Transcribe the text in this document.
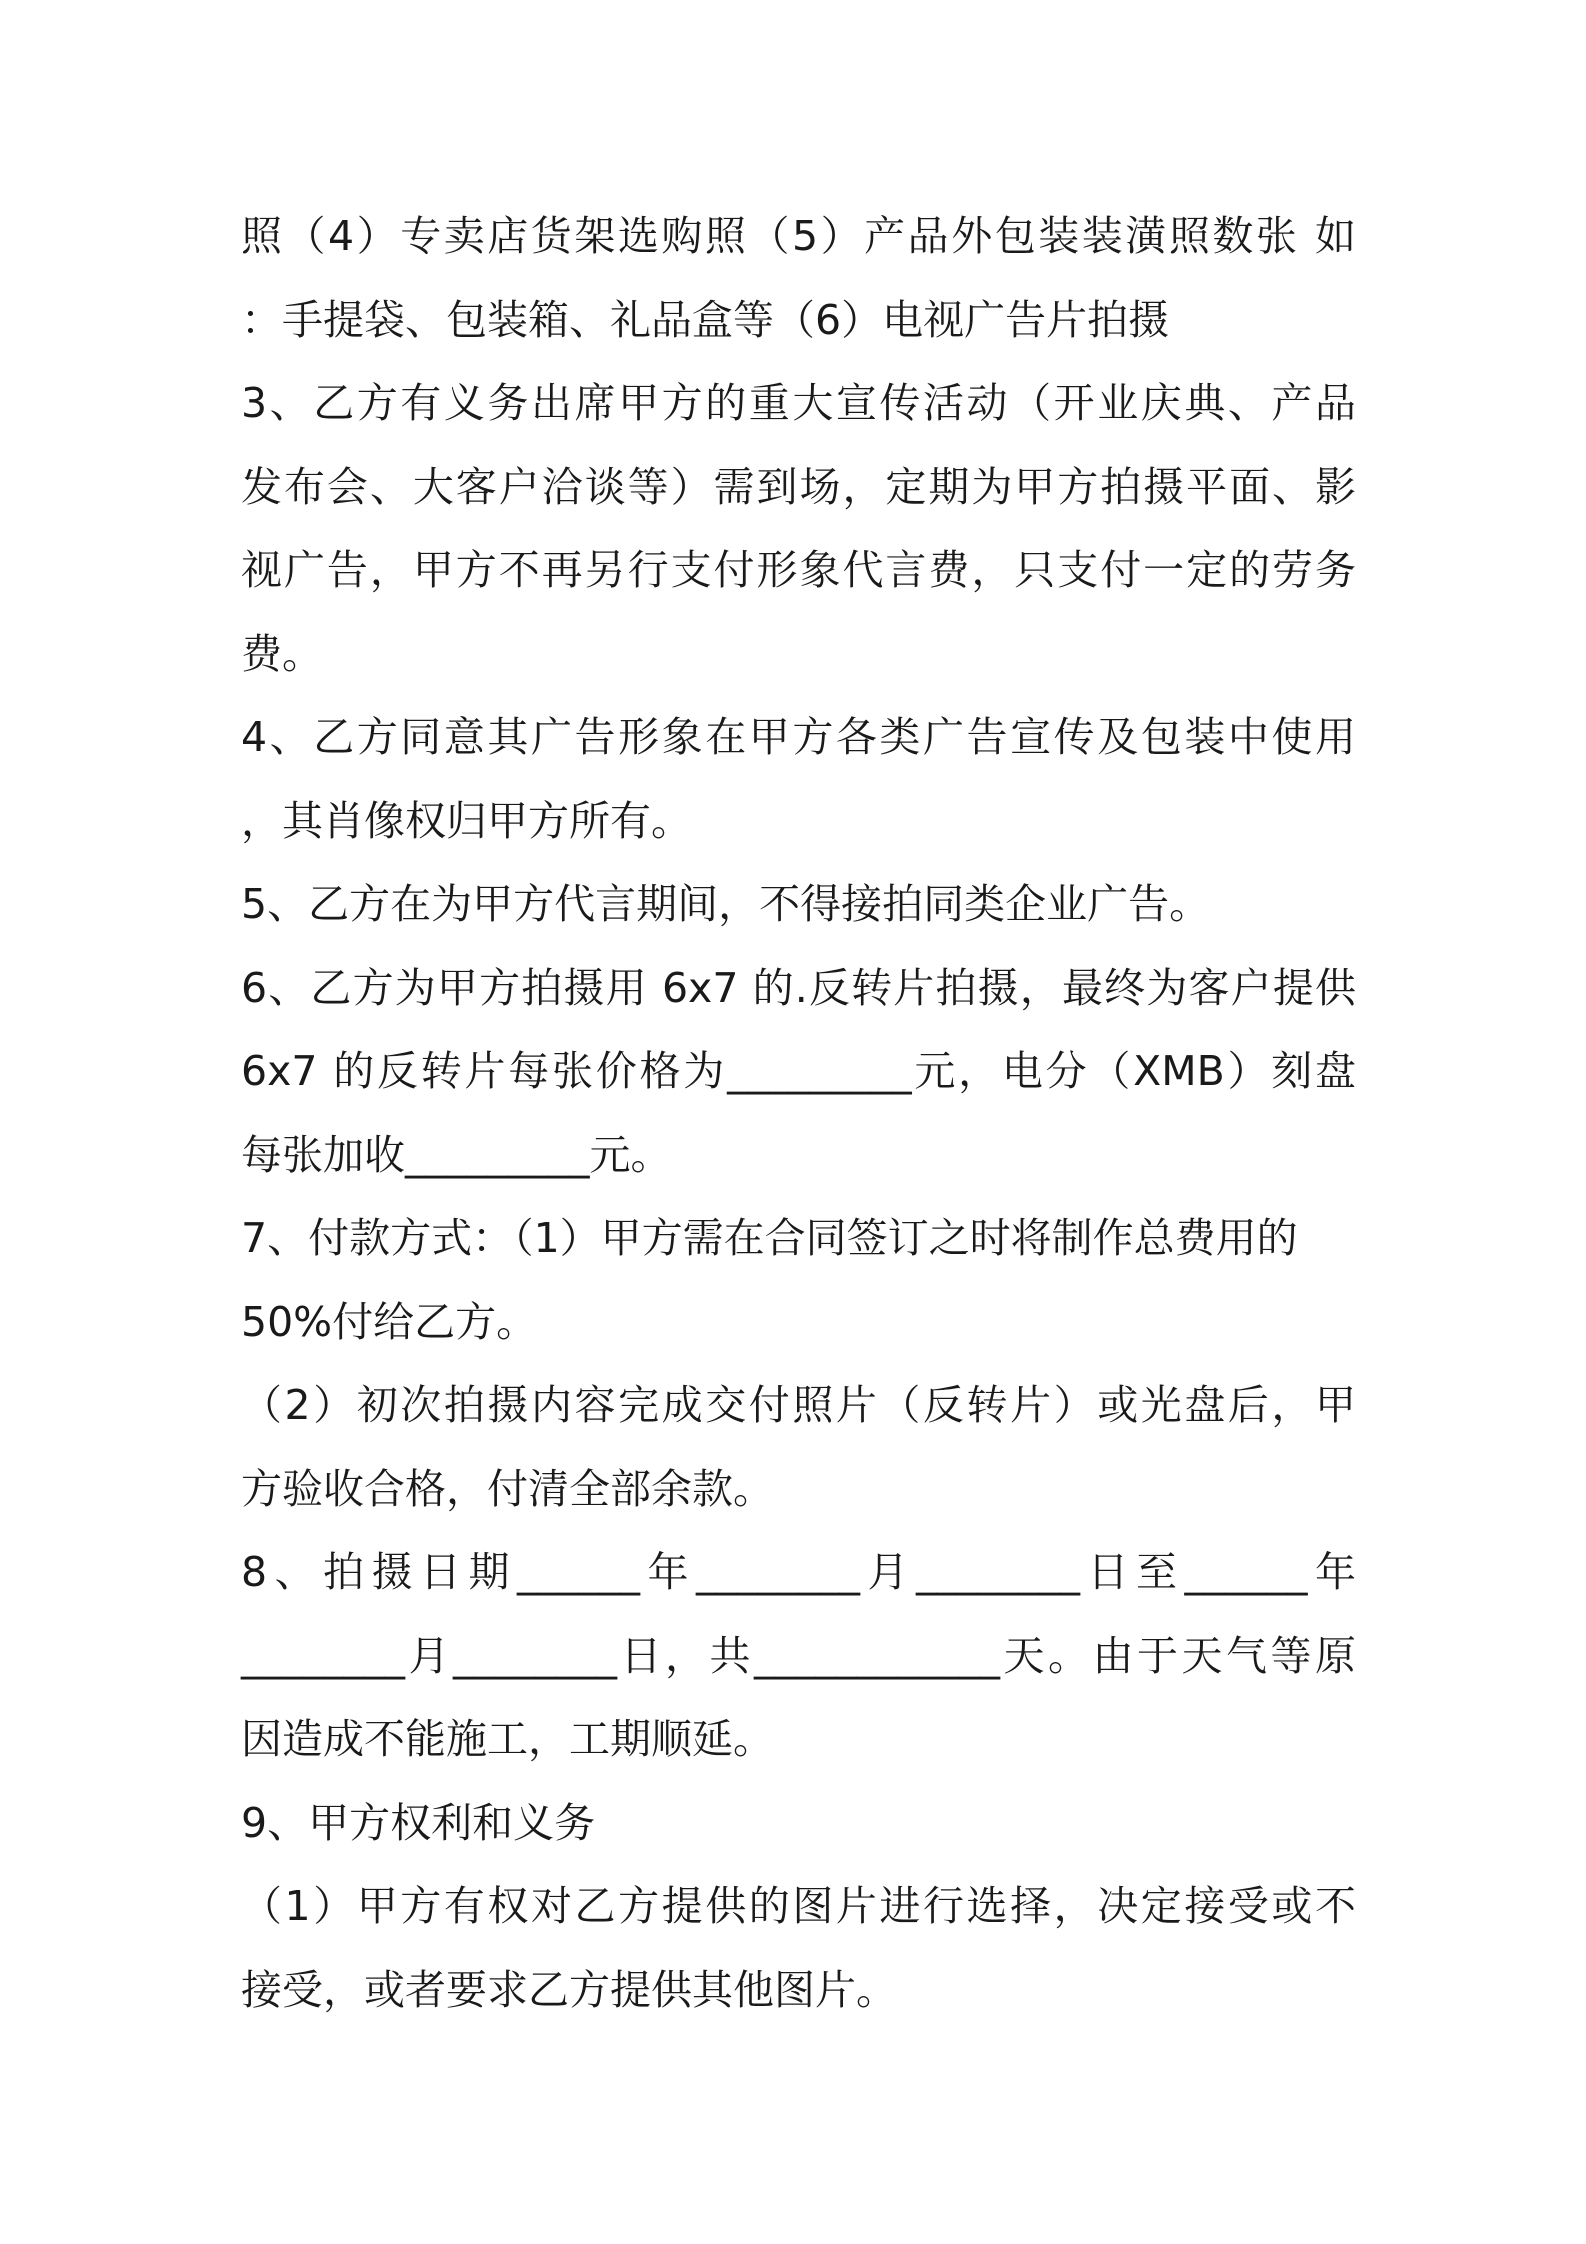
照（4）专卖店货架选购照（5）产品外包装装潢照数张 如
：手提袋、包装箱、礼品盒等（6）电视广告片拍摄
3、乙方有义务出席甲方的重大宣传活动（开业庆典、产品
发布会、大客户洽谈等）需到场，定期为甲方拍摄平面、影
视广告，甲方不再另行支付形象代言费，只支付一定的劳务
费。
4、乙方同意其广告形象在甲方各类广告宣传及包装中使用
，其肖像权归甲方所有。
5、乙方在为甲方代言期间，不得接拍同类企业广告。
6、乙方为甲方拍摄用 6x7 的.反转片拍摄，最终为客户提供
6x7 的反转片每张价格为_________元，电分（XMB）刻盘
每张加收_________元。
7、付款方式：（1）甲方需在合同签订之时将制作总费用的
50%付给乙方。
（2）初次拍摄内容完成交付照片（反转片）或光盘后，甲
方验收合格，付清全部余款。
8、拍摄日期______年________月________日至______年
________月________日，共____________天。由于天气等原
因造成不能施工，工期顺延。
9、甲方权利和义务
（1）甲方有权对乙方提供的图片进行选择，决定接受或不
接受，或者要求乙方提供其他图片。
